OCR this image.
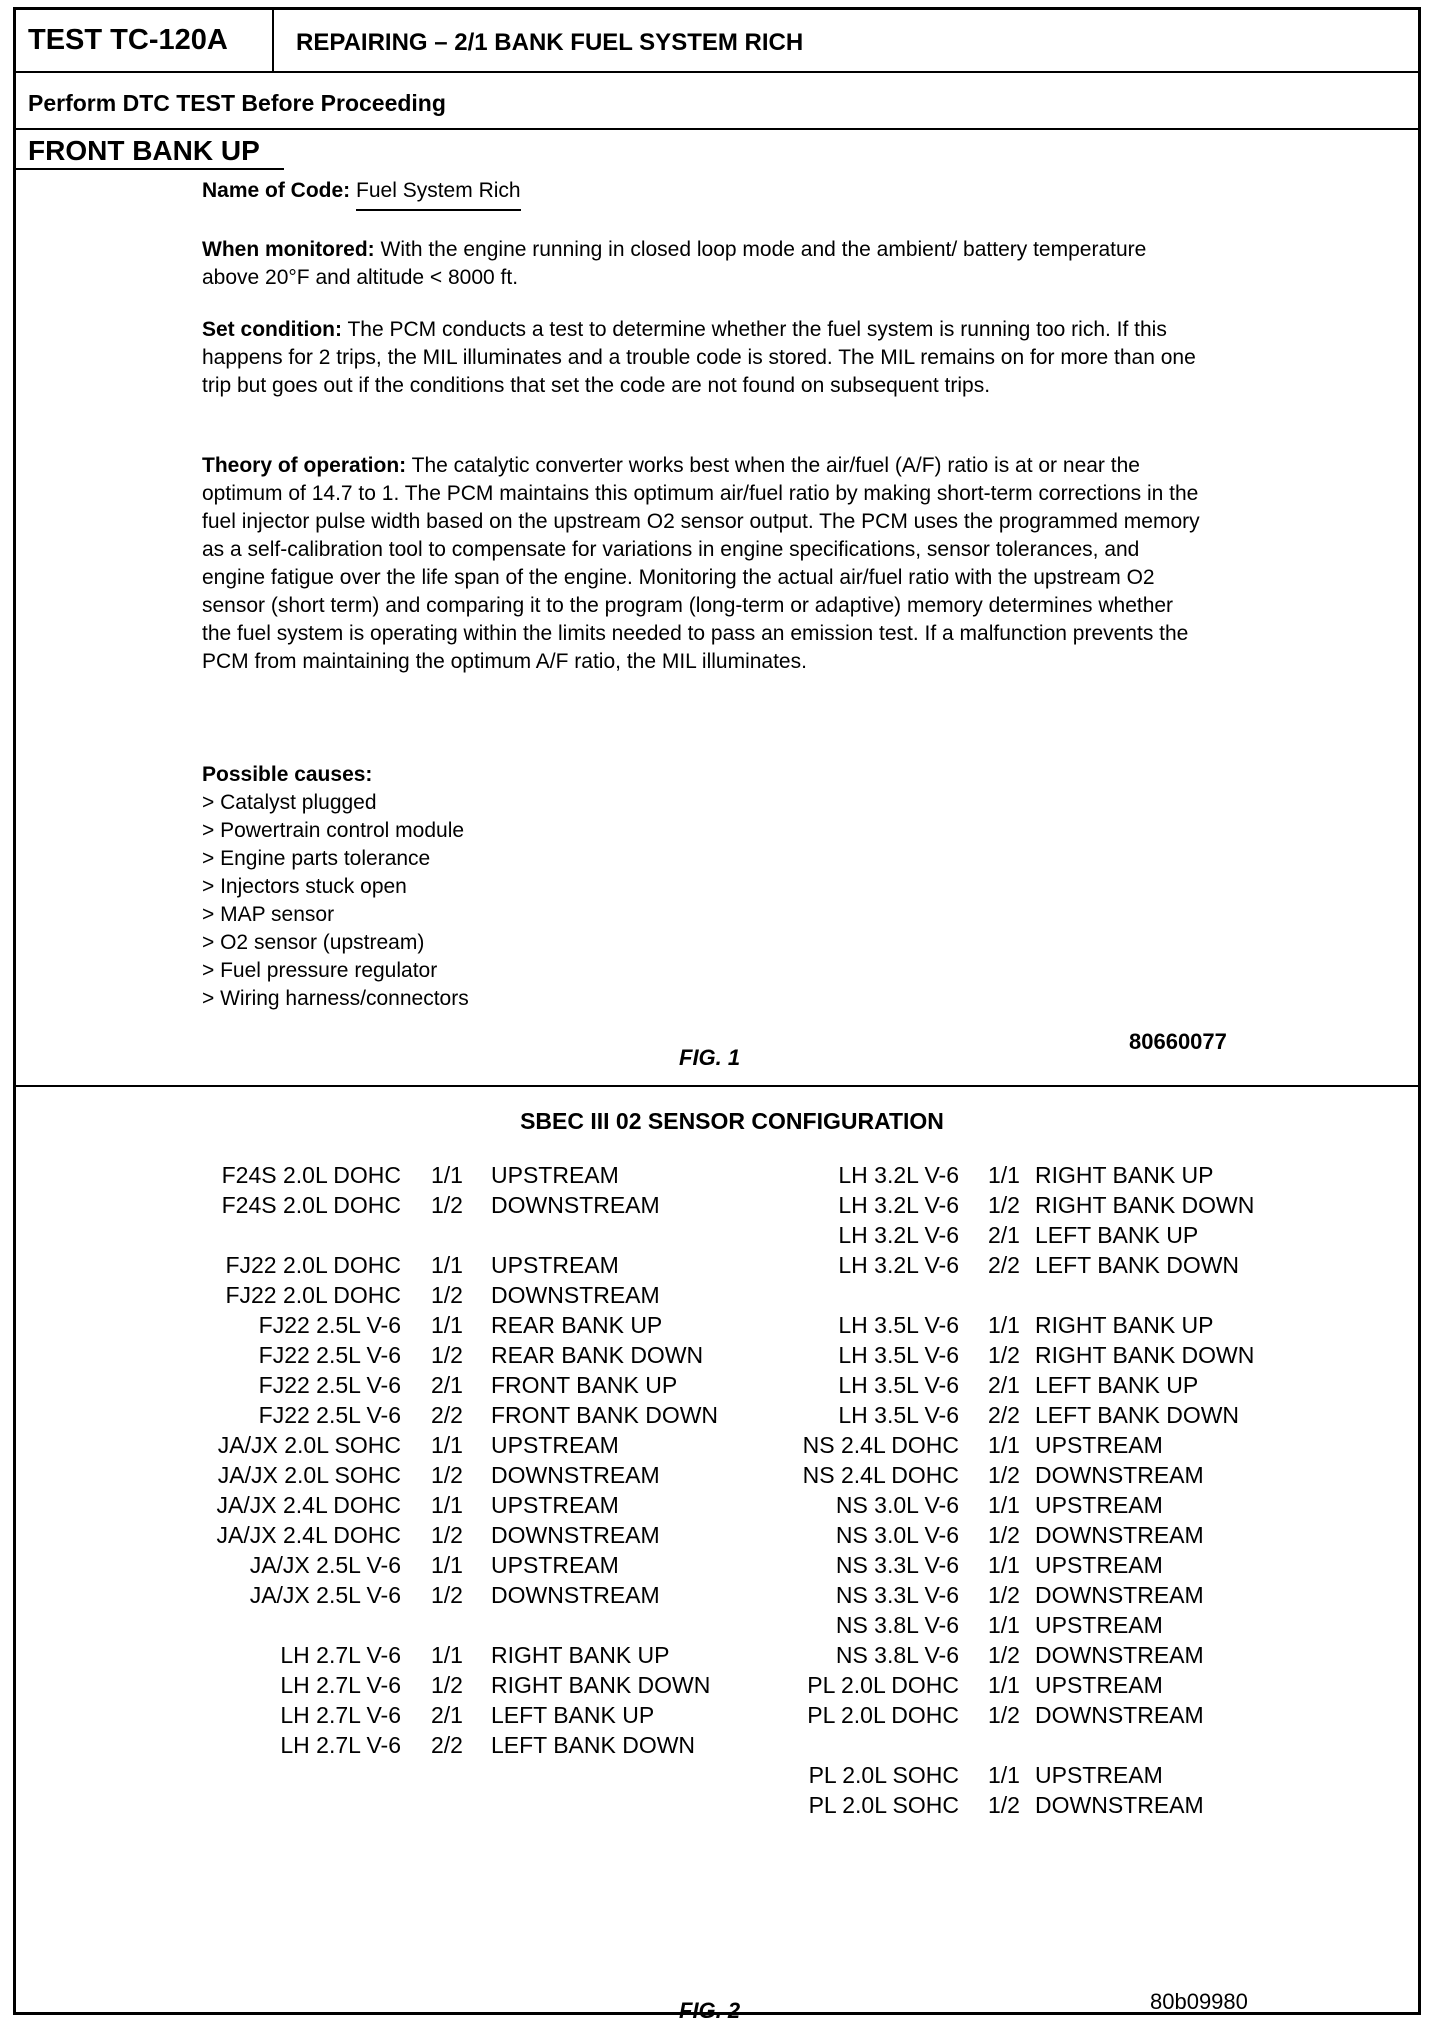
TEST TC-120A	REPAIRING – 2/1 BANK FUEL SYSTEM RICH
Perform DTC TEST Before Proceeding
FRONT BANK UP
Name of Code: Fuel System Rich
When monitored: With the engine running in closed loop mode and the ambient/ battery temperature above 20°F and altitude < 8000 ft.
Set condition: The PCM conducts a test to determine whether the fuel system is running too rich. If this happens for 2 trips, the MIL illuminates and a trouble code is stored. The MIL remains on for more than one trip but goes out if the conditions that set the code are not found on subsequent trips.
Theory of operation: The catalytic converter works best when the air/fuel (A/F) ratio is at or near the optimum of 14.7 to 1. The PCM maintains this optimum air/fuel ratio by making short-term corrections in the fuel injector pulse width based on the upstream O2 sensor output. The PCM uses the programmed memory as a self-calibration tool to compensate for variations in engine specifications, sensor tolerances, and engine fatigue over the life span of the engine. Monitoring the actual air/fuel ratio with the upstream O2 sensor (short term) and comparing it to the program (long-term or adaptive) memory determines whether the fuel system is operating within the limits needed to pass an emission test. If a malfunction prevents the PCM from maintaining the optimum A/F ratio, the MIL illuminates.
Possible causes:
> Catalyst plugged
> Powertrain control module
> Engine parts tolerance
> Injectors stuck open
> MAP sensor
> O2 sensor (upstream)
> Fuel pressure regulator
> Wiring harness/connectors
FIG. 1
80660077
SBEC III 02 SENSOR CONFIGURATION
F24S 2.0L DOHC 1/1 UPSTREAM
F24S 2.0L DOHC 1/2 DOWNSTREAM
FJ22 2.0L DOHC 1/1 UPSTREAM
FJ22 2.0L DOHC 1/2 DOWNSTREAM
FJ22 2.5L V-6 1/1 REAR BANK UP
FJ22 2.5L V-6 1/2 REAR BANK DOWN
FJ22 2.5L V-6 2/1 FRONT BANK UP
FJ22 2.5L V-6 2/2 FRONT BANK DOWN
JA/JX 2.0L SOHC 1/1 UPSTREAM
JA/JX 2.0L SOHC 1/2 DOWNSTREAM
JA/JX 2.4L DOHC 1/1 UPSTREAM
JA/JX 2.4L DOHC 1/2 DOWNSTREAM
JA/JX 2.5L V-6 1/1 UPSTREAM
JA/JX 2.5L V-6 1/2 DOWNSTREAM
LH 2.7L V-6 1/1 RIGHT BANK UP
LH 2.7L V-6 1/2 RIGHT BANK DOWN
LH 2.7L V-6 2/1 LEFT BANK UP
LH 2.7L V-6 2/2 LEFT BANK DOWN
LH 3.2L V-6 1/1 RIGHT BANK UP
LH 3.2L V-6 1/2 RIGHT BANK DOWN
LH 3.2L V-6 2/1 LEFT BANK UP
LH 3.2L V-6 2/2 LEFT BANK DOWN
LH 3.5L V-6 1/1 RIGHT BANK UP
LH 3.5L V-6 1/2 RIGHT BANK DOWN
LH 3.5L V-6 2/1 LEFT BANK UP
LH 3.5L V-6 2/2 LEFT BANK DOWN
NS 2.4L DOHC 1/1 UPSTREAM
NS 2.4L DOHC 1/2 DOWNSTREAM
NS 3.0L V-6 1/1 UPSTREAM
NS 3.0L V-6 1/2 DOWNSTREAM
NS 3.3L V-6 1/1 UPSTREAM
NS 3.3L V-6 1/2 DOWNSTREAM
NS 3.8L V-6 1/1 UPSTREAM
NS 3.8L V-6 1/2 DOWNSTREAM
PL 2.0L DOHC 1/1 UPSTREAM
PL 2.0L DOHC 1/2 DOWNSTREAM
PL 2.0L SOHC 1/1 UPSTREAM
PL 2.0L SOHC 1/2 DOWNSTREAM
FIG. 2	80b09980
